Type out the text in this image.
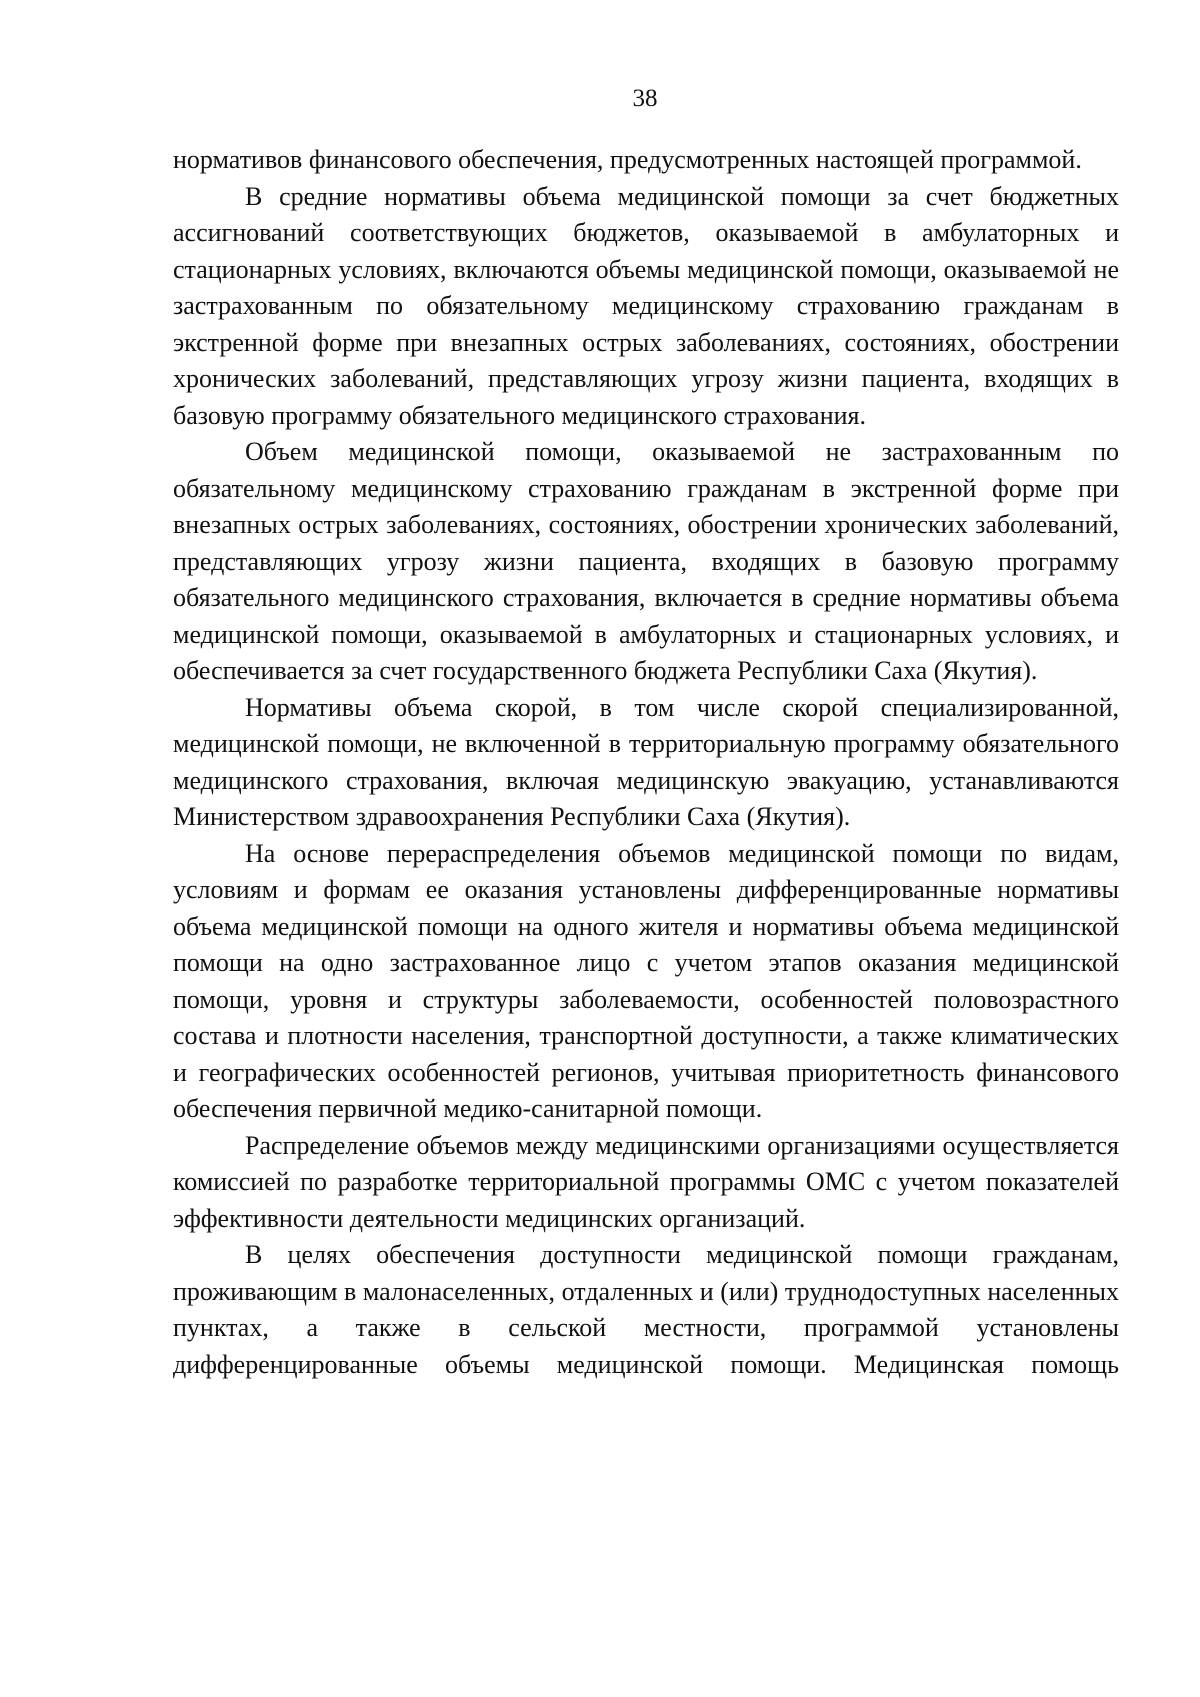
38

нормативов финансового обеспечения, предусмотренных настоящей программой.

В средние нормативы объема медицинской помощи за счет бюджетных ассигнований соответствующих бюджетов, оказываемой в амбулаторных и стационарных условиях, включаются объемы медицинской помощи, оказываемой не застрахованным по обязательному медицинскому страхованию гражданам в экстренной форме при внезапных острых заболеваниях, состояниях, обострении хронических заболеваний, представляющих угрозу жизни пациента, входящих в базовую программу обязательного медицинского страхования.

Объем медицинской помощи, оказываемой не застрахованным по обязательному медицинскому страхованию гражданам в экстренной форме при внезапных острых заболеваниях, состояниях, обострении хронических заболеваний, представляющих угрозу жизни пациента, входящих в базовую программу обязательного медицинского страхования, включается в средние нормативы объема медицинской помощи, оказываемой в амбулаторных и стационарных условиях, и обеспечивается за счет государственного бюджета Республики Саха (Якутия).

Нормативы объема скорой, в том числе скорой специализированной, медицинской помощи, не включенной в территориальную программу обязательного медицинского страхования, включая медицинскую эвакуацию, устанавливаются Министерством здравоохранения Республики Саха (Якутия).

На основе перераспределения объемов медицинской помощи по видам, условиям и формам ее оказания установлены дифференцированные нормативы объема медицинской помощи на одного жителя и нормативы объема медицинской помощи на одно застрахованное лицо с учетом этапов оказания медицинской помощи, уровня и структуры заболеваемости, особенностей половозрастного состава и плотности населения, транспортной доступности, а также климатических и географических особенностей регионов, учитывая приоритетность финансового обеспечения первичной медико-санитарной помощи.

Распределение объемов между медицинскими организациями осуществляется комиссией по разработке территориальной программы ОМС с учетом показателей эффективности деятельности медицинских организаций.

В целях обеспечения доступности медицинской помощи гражданам, проживающим в малонаселенных, отдаленных и (или) труднодоступных населенных пунктах, а также в сельской местности, программой установлены дифференцированные объемы медицинской помощи. Медицинская помощь
